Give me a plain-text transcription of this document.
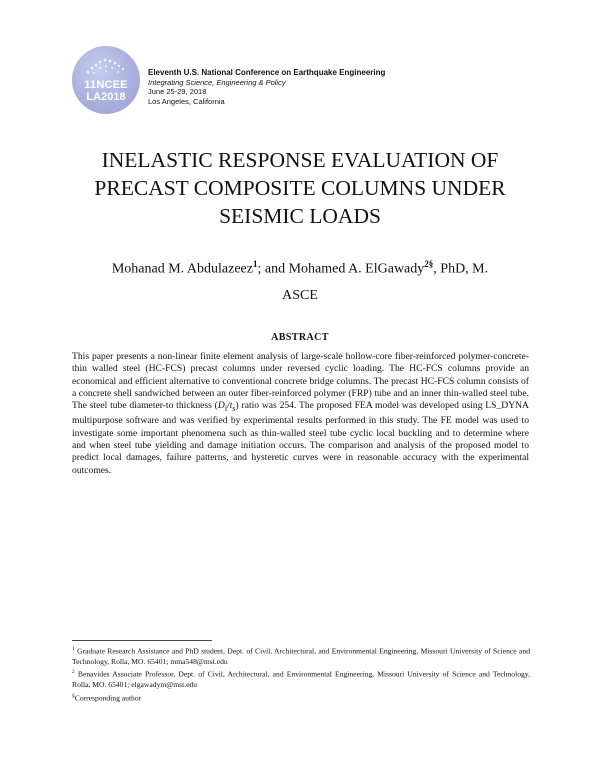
11NCEE
LA2018
Eleventh U.S. National Conference on Earthquake Engineering
Integrating Science, Engineering & Policy
June 25-29, 2018
Los Angeles, California
INELASTIC RESPONSE EVALUATION OF
PRECAST COMPOSITE COLUMNS UNDER
SEISMIC LOADS
Mohanad M. Abdulazeez$^1$; and Mohamed A. ElGawady$^{2\S}$, PhD, M.
ASCE
ABSTRACT
This paper presents a non-linear finite element analysis of large-scale hollow-core fiber-reinforced polymer-concrete-thin walled steel (HC-FCS) precast columns under reversed cyclic loading. The HC-FCS columns provide an economical and efficient alternative to conventional concrete bridge columns. The precast HC-FCS column consists of a concrete shell sandwiched between an outer fiber-reinforced polymer (FRP) tube and an inner thin-walled steel tube. The steel tube diameter-to thickness $(D_i/t_s)$ ratio was 254. The proposed FEA model was developed using LS_DYNA multipurpose software and was verified by experimental results performed in this study. The FE model was used to investigate some important phenomena such as thin-walled steel tube cyclic local buckling and to determine where and when steel tube yielding and damage initiation occurs. The comparison and analysis of the proposed model to predict local damages, failure patterns, and hysteretic curves were in reasonable accuracy with the experimental outcomes.

$^1$ Graduate Research Assistance and PhD student, Dept. of Civil, Architectural, and Environmental Engineering, Missouri University of Science and Technology, Rolla, MO. 65401; mma548@mst.edu

$^2$ Benavides Associate Professor, Dept. of Civil, Architectural, and Environmental Engineering, Missouri University of Science and Technology, Rolla, MO. 65401; elgawadym@mst.edu

§Corresponding author
